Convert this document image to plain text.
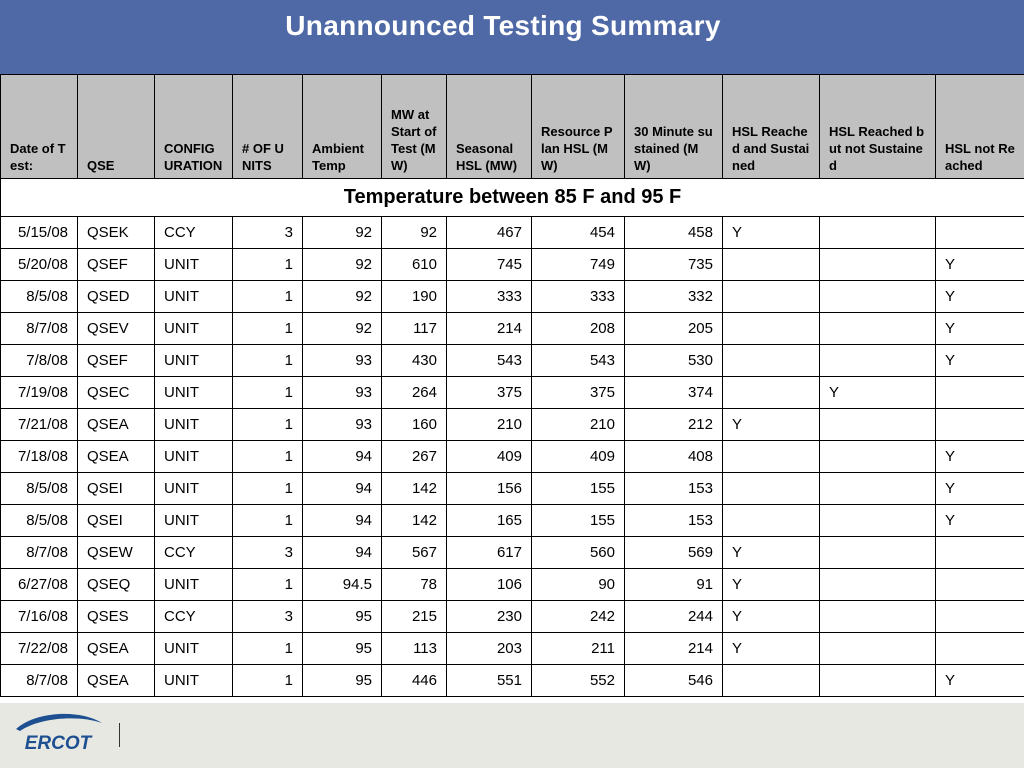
Unannounced Testing Summary
Date of Test:	QSE	CONFIGURATION	# OF UNITS	Ambient Temp	MW at Start of Test (MW)	Seasonal HSL (MW)	Resource Plan HSL (MW)	30 Minute sustained (MW)	HSL Reached and Sustained	HSL Reached but not Sustained	HSL not Reached
Temperature between 85 F and 95 F											
5/15/08	QSEK	CCY	3	92	92	467	454	458	Y		
5/20/08	QSEF	UNIT	1	92	610	745	749	735			Y
8/5/08	QSED	UNIT	1	92	190	333	333	332			Y
8/7/08	QSEV	UNIT	1	92	117	214	208	205			Y
7/8/08	QSEF	UNIT	1	93	430	543	543	530			Y
7/19/08	QSEC	UNIT	1	93	264	375	375	374		Y	
7/21/08	QSEA	UNIT	1	93	160	210	210	212	Y		
7/18/08	QSEA	UNIT	1	94	267	409	409	408			Y
8/5/08	QSEI	UNIT	1	94	142	156	155	153			Y
8/5/08	QSEI	UNIT	1	94	142	165	155	153			Y
8/7/08	QSEW	CCY	3	94	567	617	560	569	Y		
6/27/08	QSEQ	UNIT	1	94.5	78	106	90	91	Y		
7/16/08	QSES	CCY	3	95	215	230	242	244	Y		
7/22/08	QSEA	UNIT	1	95	113	203	211	214	Y		
8/7/08	QSEA	UNIT	1	95	446	551	552	546			Y
ERCOT
